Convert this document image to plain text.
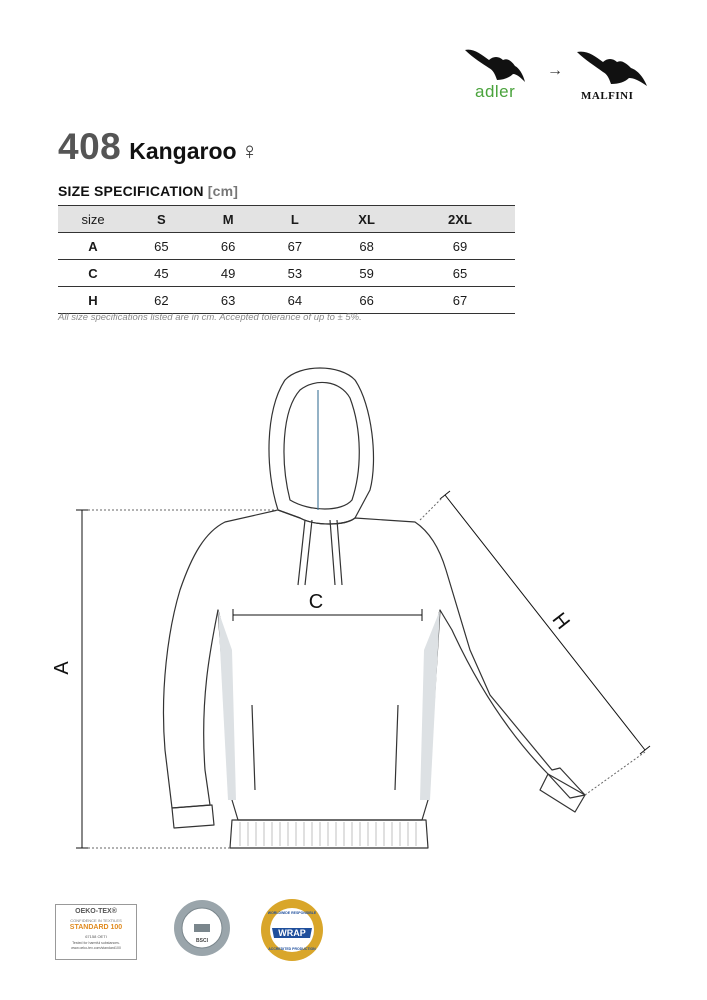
adler
→
MALFINI
408 Kangaroo ♀
SIZE SPECIFICATION [cm]
size	S	M	L	XL	2XL
A	65	66	67	68	69
C	45	49	53	59	65
H	62	63	64	66	67
All size specifications listed are in cm. Accepted tolerance of up to ± 5%.
A
C
H
OEKO-TEX®
CONFIDENCE IN TEXTILES
STANDARD 100
67158 OETI
Tested for harmful substances.
www.oeko-tex.com/standard100
BSCI
WRAP
WORLDWIDE RESPONSIBLE
ACCREDITED PRODUCTION
